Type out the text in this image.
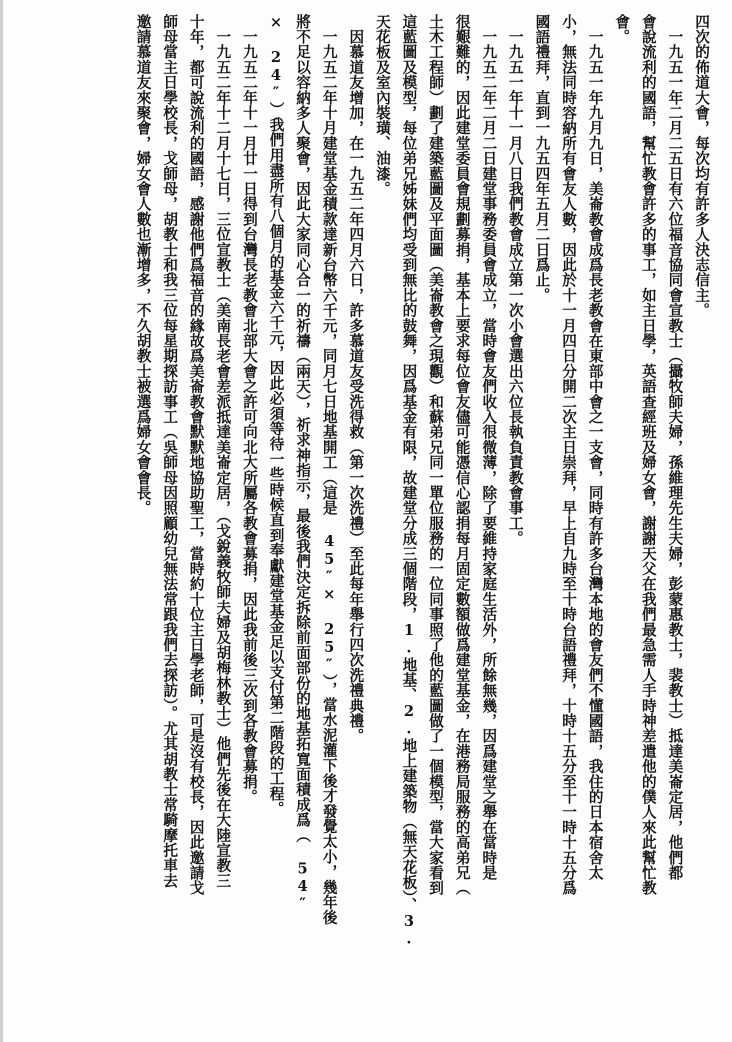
四次的佈道大會，每次均有許多人決志信主。
　一九五一年二月二五日有六位福音協同會宣教士（攝牧師夫婦，孫維理先生夫婦，彭蒙惠教士，裴教士）抵達美崙定居，他們都
會說流利的國語，幫忙教會許多的事工，如主日學，英語查經班及婦女會，謝謝天父在我們最急需人手時神差遣他的僕人來此幫忙教
會。
　一九五一年九月九日，美崙教會成爲長老教會在東部中會之一支會，同時有許多台灣本地的會友們不懂國語，我住的日本宿舍太
小，無法同時容納所有會友人數，因此於十一月四日分開二次主日崇拜，早上自九時至十時台語禮拜，十時十五分至十一時十五分爲
國語禮拜，直到一九五四年五月二日爲止。
　一九五一年十一月八日我們教會成立第一次小會選出六位長執負責教會事工。
　一九五二年二月二日建堂事務委員會成立，當時會友們收入很微薄，除了要維持家庭生活外，所餘無幾，因爲建堂之舉在當時是
很艱難的，因此建堂委員會規劃募捐，基本上要求每位會友儘可能憑信心認捐每月固定數額做爲建堂基金，在港務局服務的高弟兄（
土木工程師）劃了建築藍圖及平面圖（美崙教會之現觀）和蘇弟兄同一單位服務的一位同事照了他的藍圖做了一個模型，當大家看到
這藍圖及模型，每位弟兄姊妹們均受到無比的鼓舞，因爲基金有限，故建堂分成三個階段，1.地基、2.地上建築物（無天花板）、3.
天花板及室內裝璜、油漆。
　因慕道友增加，在一九五二年四月六日，許多慕道友受洗得救（第一次洗禮）至此每年舉行四次洗禮典禮。
　一九五二年十月建堂基金積款達新台幣六千元，同月七日地基開工（這是 45″× 25″），當水泥灌下後才發覺太小，幾年後
將不足以容納多人聚會，因此大家同心合一的祈禱（兩天），祈求神指示，最後我們決定拆除前面部份的地基拓寬面積成爲（ 54″
× 24″）我們用盡所有八個月的基金六千元，因此必須等待一些時候直到奉獻建堂基金足以支付第二階段的工程。
　一九五二年十一月廿一日得到台灣長老教會北部大會之許可向北大所屬各教會募捐，因此我前後三次到各教會募捐。
　一九五二年十二月十七日，三位宣教士（美南長老會差派抵達美崙定居，（戈銳義牧師夫婦及胡梅林教士）他們先後在大陸宣教三
十年，都可說流利的國語，感謝他們爲福音的緣故爲美崙教會默默地協助聖工，當時約十位主日學老師，可是沒有校長，因此邀請戈
師母當主日學校長，戈師母，胡教士和我三位每星期探訪事工（吳師母因照顧幼兒無法常跟我們去探訪）。尤其胡教士常騎摩托車去
邀請慕道友來聚會，婦女會人數也漸增多，不久胡教士被選爲婦女會會長。
